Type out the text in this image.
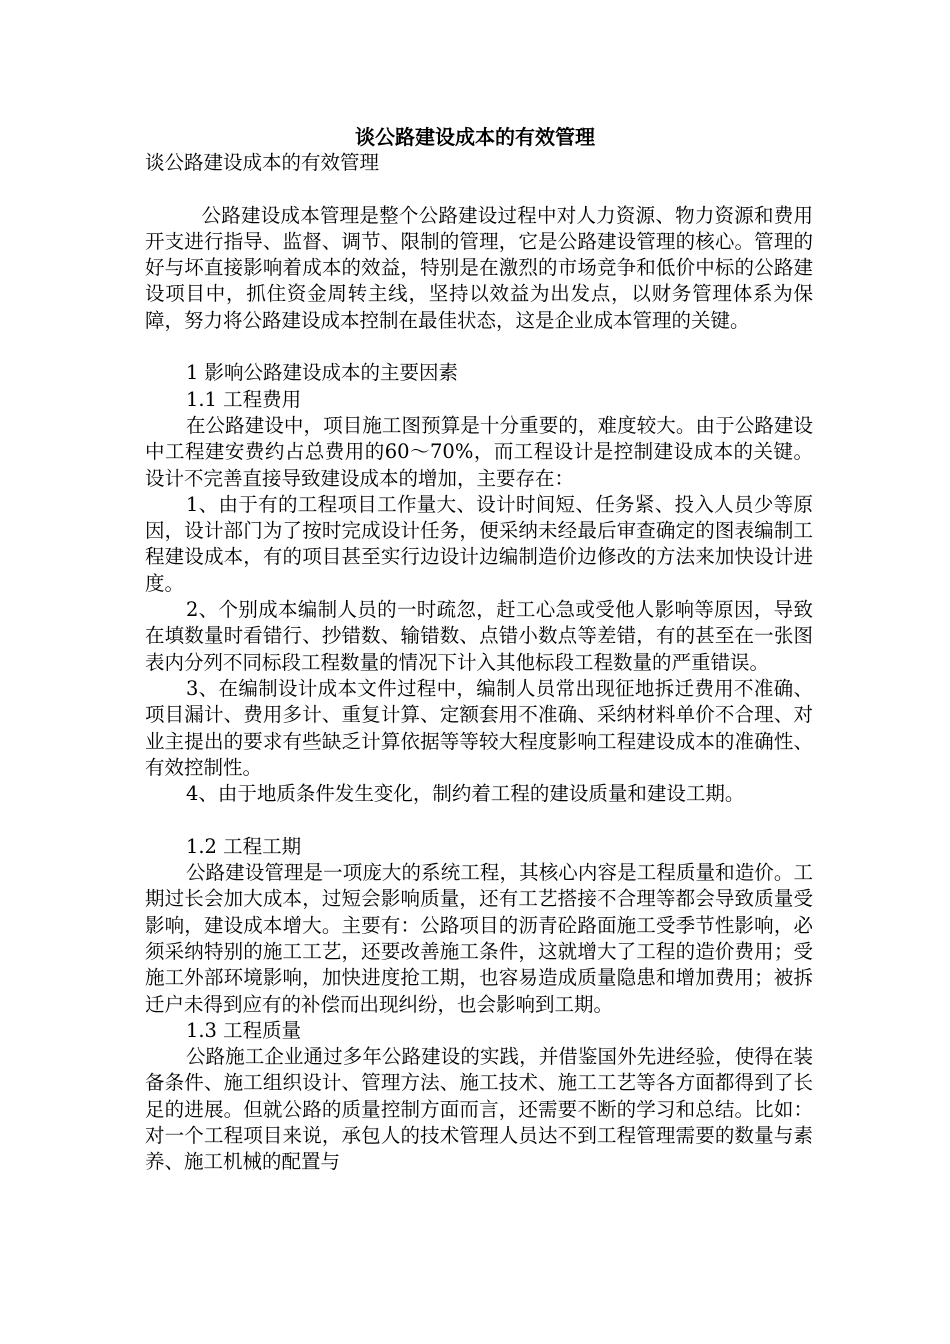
谈公路建设成本的有效管理

谈公路建设成本的有效管理

公路建设成本管理是整个公路建设过程中对人力资源、物力资源和费用开支进行指导、监督、调节、限制的管理，它是公路建设管理的核心。管理的好与坏直接影响着成本的效益，特别是在激烈的市场竞争和低价中标的公路建设项目中，抓住资金周转主线，坚持以效益为出发点，以财务管理体系为保障，努力将公路建设成本控制在最佳状态，这是企业成本管理的关键。

1 影响公路建设成本的主要因素

1.1 工程费用

在公路建设中，项目施工图预算是十分重要的，难度较大。由于公路建设中工程建安费约占总费用的60～70%，而工程设计是控制建设成本的关键。设计不完善直接导致建设成本的增加，主要存在：

1、由于有的工程项目工作量大、设计时间短、任务紧、投入人员少等原因，设计部门为了按时完成设计任务，便采纳未经最后审查确定的图表编制工程建设成本，有的项目甚至实行边设计边编制造价边修改的方法来加快设计进度。

2、个别成本编制人员的一时疏忽，赶工心急或受他人影响等原因，导致在填数量时看错行、抄错数、输错数、点错小数点等差错，有的甚至在一张图表内分列不同标段工程数量的情况下计入其他标段工程数量的严重错误。

3、在编制设计成本文件过程中，编制人员常出现征地拆迁费用不准确、项目漏计、费用多计、重复计算、定额套用不准确、采纳材料单价不合理、对业主提出的要求有些缺乏计算依据等等较大程度影响工程建设成本的准确性、有效控制性。

4、由于地质条件发生变化，制约着工程的建设质量和建设工期。

1.2 工程工期

公路建设管理是一项庞大的系统工程，其核心内容是工程质量和造价。工期过长会加大成本，过短会影响质量，还有工艺搭接不合理等都会导致质量受影响，建设成本增大。主要有：公路项目的沥青砼路面施工受季节性影响，必须采纳特别的施工工艺，还要改善施工条件，这就增大了工程的造价费用；受施工外部环境影响，加快进度抢工期，也容易造成质量隐患和增加费用；被拆迁户未得到应有的补偿而出现纠纷，也会影响到工期。

1.3 工程质量

公路施工企业通过多年公路建设的实践，并借鉴国外先进经验，使得在装备条件、施工组织设计、管理方法、施工技术、施工工艺等各方面都得到了长足的进展。但就公路的质量控制方面而言，还需要不断的学习和总结。比如：对一个工程项目来说，承包人的技术管理人员达不到工程管理需要的数量与素养、施工机械的配置与
